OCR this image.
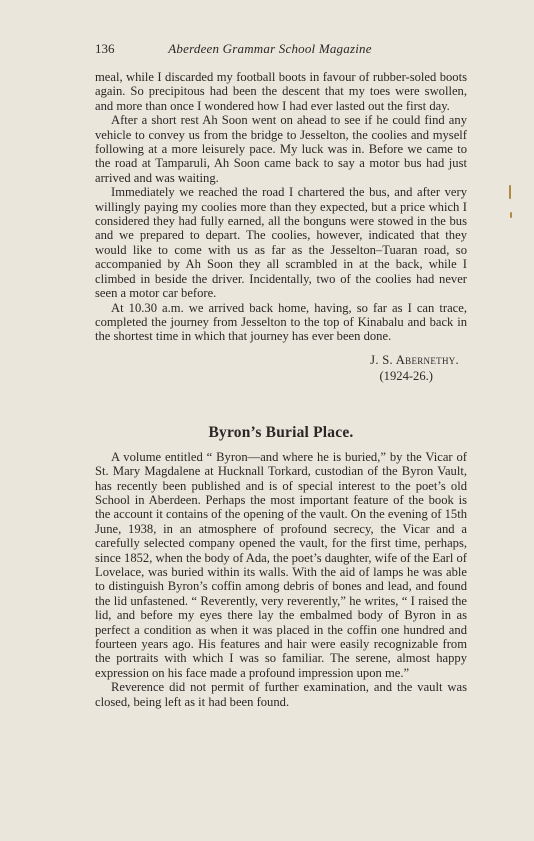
136	Aberdeen Grammar School Magazine

meal, while I discarded my football boots in favour of rubber-soled boots again. So precipitous had been the descent that my toes were swollen, and more than once I wondered how I had ever lasted out the first day.

After a short rest Ah Soon went on ahead to see if he could find any vehicle to convey us from the bridge to Jesselton, the coolies and myself following at a more leisurely pace. My luck was in. Before we came to the road at Tamparuli, Ah Soon came back to say a motor bus had just arrived and was waiting.

Immediately we reached the road I chartered the bus, and after very willingly paying my coolies more than they expected, but a price which I considered they had fully earned, all the bonguns were stowed in the bus and we prepared to depart. The coolies, however, indicated that they would like to come with us as far as the Jesselton–Tuaran road, so accompanied by Ah Soon they all scrambled in at the back, while I climbed in beside the driver. Incidentally, two of the coolies had never seen a motor car before.

At 10.30 a.m. we arrived back home, having, so far as I can trace, completed the journey from Jesselton to the top of Kinabalu and back in the shortest time in which that journey has ever been done.

J. S. Abernethy.
(1924-26.)
Byron’s Burial Place.

A volume entitled “ Byron—and where he is buried,” by the Vicar of St. Mary Magdalene at Hucknall Torkard, custodian of the Byron Vault, has recently been published and is of special interest to the poet’s old School in Aberdeen. Perhaps the most important feature of the book is the account it contains of the opening of the vault. On the evening of 15th June, 1938, in an atmosphere of profound secrecy, the Vicar and a carefully selected company opened the vault, for the first time, perhaps, since 1852, when the body of Ada, the poet’s daughter, wife of the Earl of Lovelace, was buried within its walls. With the aid of lamps he was able to distinguish Byron’s coffin among debris of bones and lead, and found the lid unfastened. “ Reverently, very reverently,” he writes, “ I raised the lid, and before my eyes there lay the embalmed body of Byron in as perfect a condition as when it was placed in the coffin one hundred and fourteen years ago. His features and hair were easily recognizable from the portraits with which I was so familiar. The serene, almost happy expression on his face made a profound impression upon me.”

Reverence did not permit of further examination, and the vault was closed, being left as it had been found.
